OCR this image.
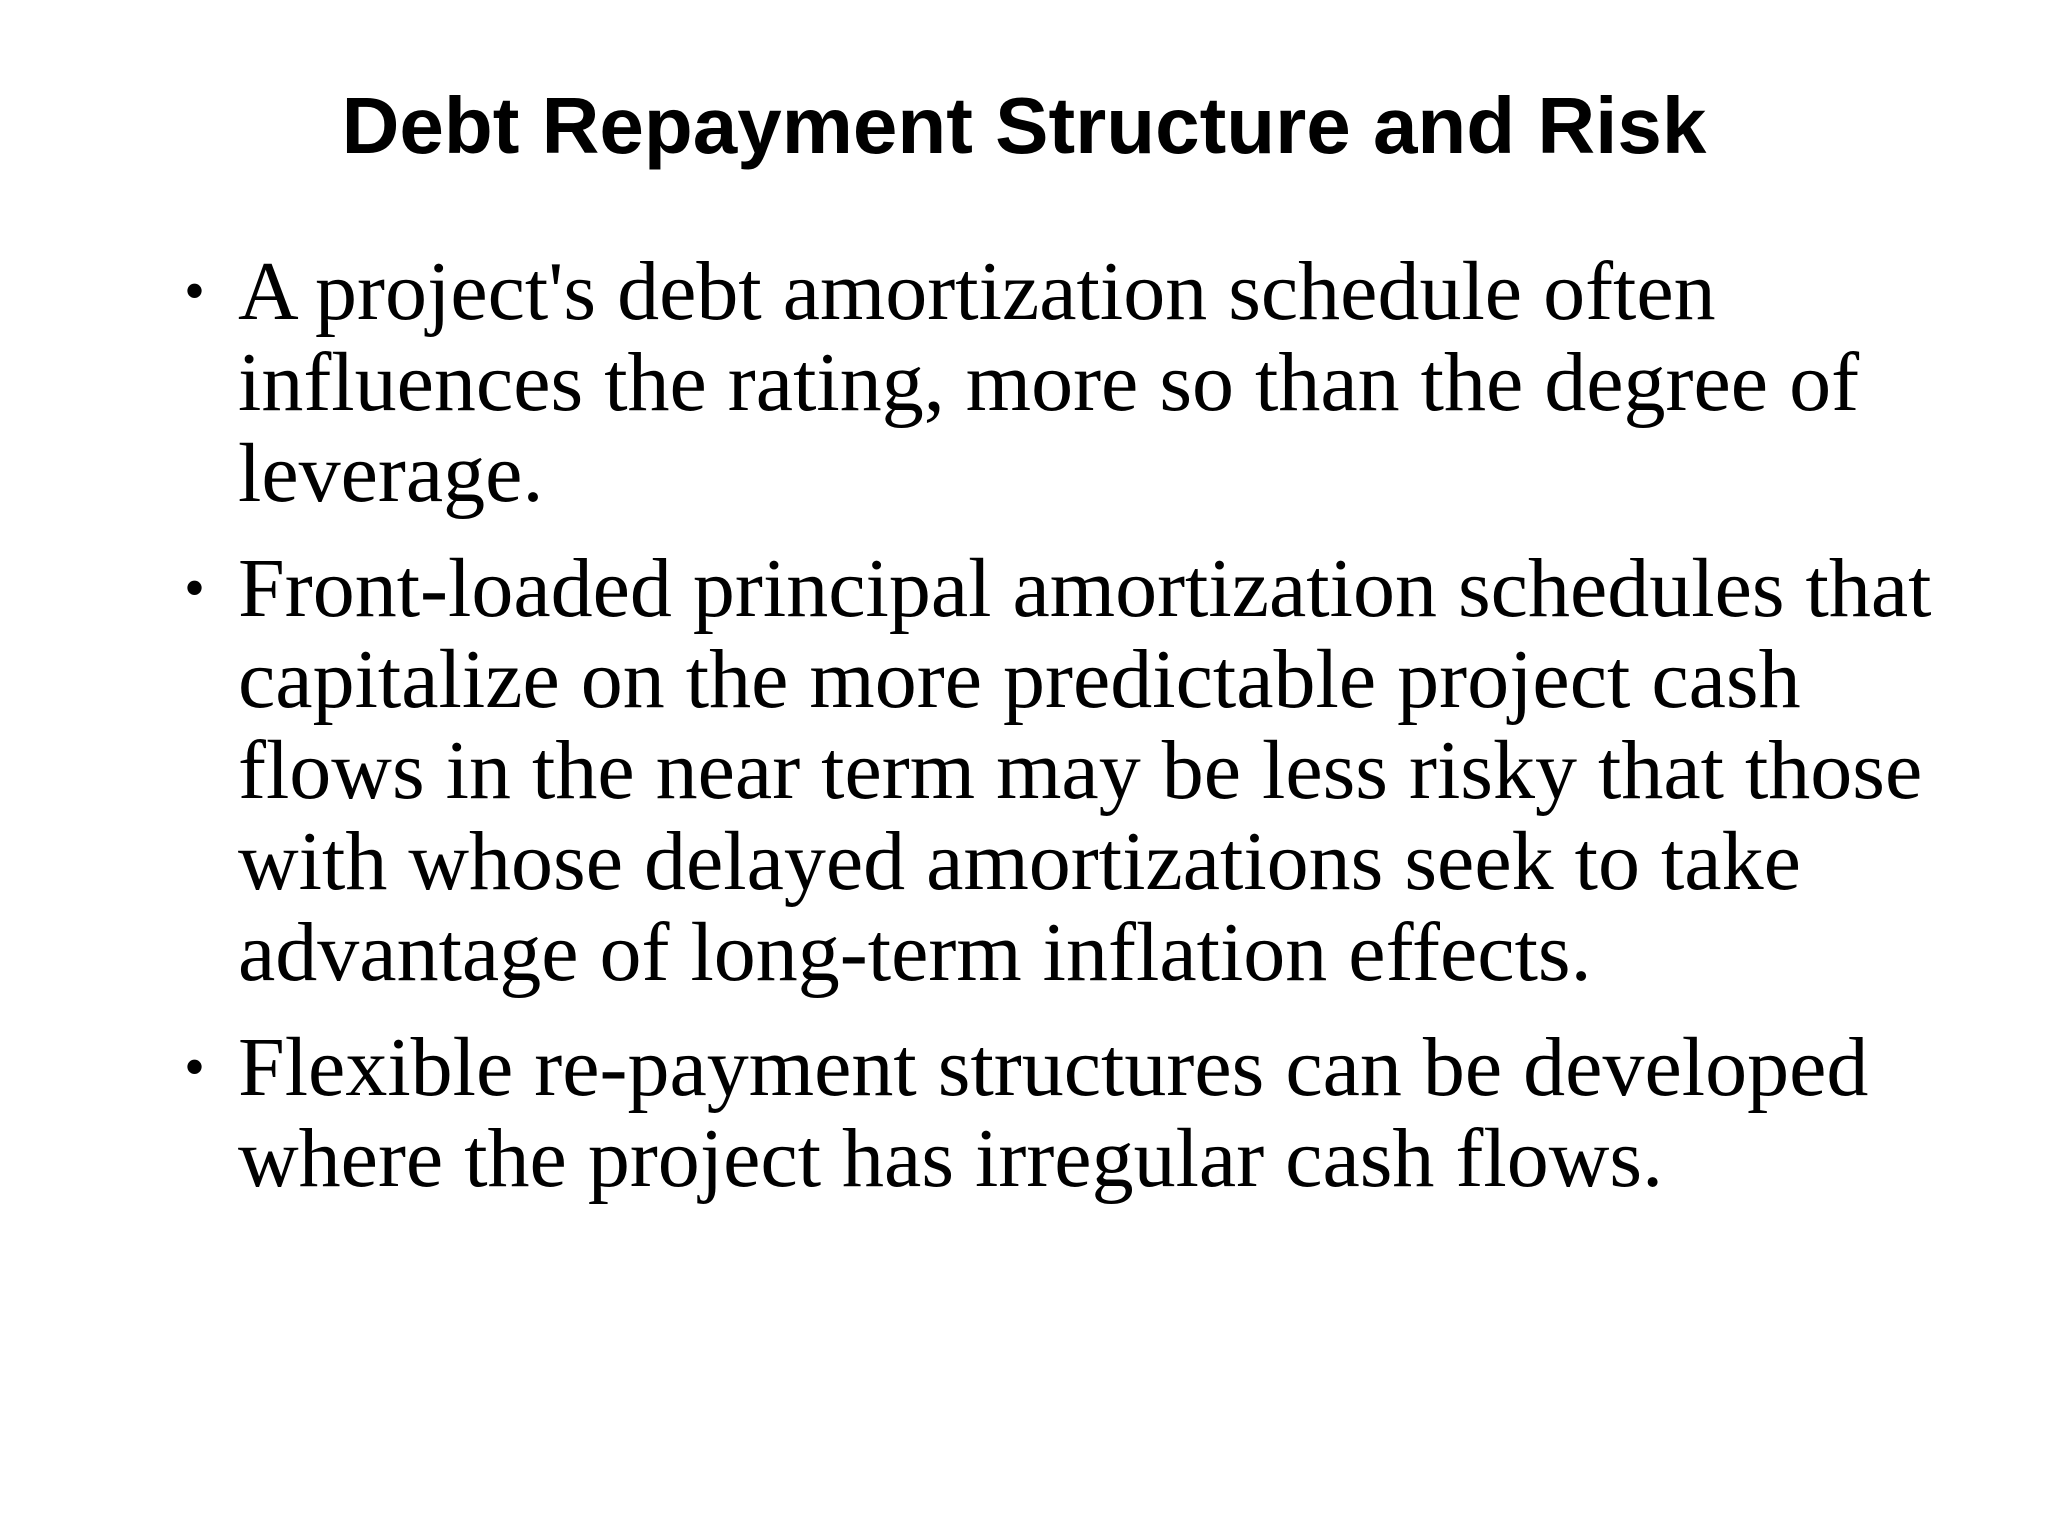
Debt Repayment Structure and Risk
• A project's debt amortization schedule often influences the rating, more so than the degree of leverage.
• Front-loaded principal amortization schedules that capitalize on the more predictable project cash flows in the near term may be less risky that those with whose delayed amortizations seek to take advantage of long-term inflation effects.
• Flexible re-payment structures can be developed where the project has irregular cash flows.
